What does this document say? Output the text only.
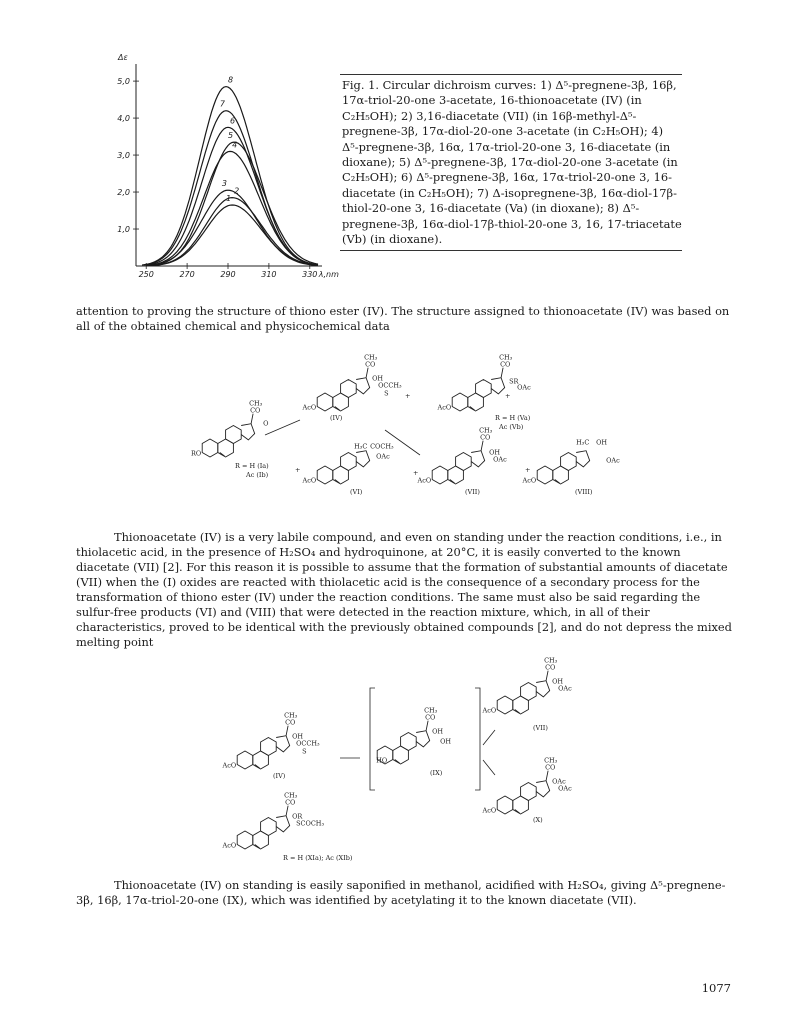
Δε
1,0
2,0
3,0
4,0
5,0
250	270	290	310	330 λ,nm
1
2
3
4
5
6
7
8	Fig. 1. Circular dichroism curves: 1) Δ⁵-pregnene-3β, 16β, 17α-triol-20-one 3-acetate, 16-thionoacetate (IV) (in C₂H₅OH); 2) 3,16-diacetate (VII) (in 16β-methyl-Δ⁵-pregnene-3β, 17α-diol-20-one 3-acetate (in C₂H₅OH); 4) Δ⁵-pregnene-3β, 16α, 17α-triol-20-one 3, 16-diacetate (in dioxane); 5) Δ⁵-pregnene-3β, 17α-diol-20-one 3-acetate (in C₂H₅OH); 6) Δ⁵-pregnene-3β, 16α, 17α-triol-20-one 3, 16-diacetate (in C₂H₅OH); 7) Δ-isopregnene-3β, 16α-diol-17β-thiol-20-one 3, 16-diacetate (Va) (in dioxane); 8) Δ⁵-pregnene-3β, 16α-diol-17β-thiol-20-one 3, 16, 17-triacetate (Vb) (in dioxane).
attention to proving the structure of thiono ester (IV). The structure assigned to thionoacetate (IV) was based on all of the obtained chemical and physicochemical data
CH₃
CO
OH
OCCH₃
S
AcO
(IV)
CH₃
CO
SR
OAc
AcO
R = H (Va)
Ac (Vb)
CH₃
CO
O
RO
R = H (Ia)
Ac (Ib)
H₃C COCH₃
OAc
AcO
(VI)
CH₃
CO
OH
OAc
AcO
(VII)
H₃C OH
OAc
AcO
(VIII)
+	+
+	+	+
Thionoacetate (IV) is a very labile compound, and even on standing under the reaction conditions, i.e., in thiolacetic acid, in the presence of H₂SO₄ and hydroquinone, at 20°C, it is easily converted to the known diacetate (VII) [2]. For this reason it is possible to assume that the formation of substantial amounts of diacetate (VII) when the (I) oxides are reacted with thiolacetic acid is the consequence of a secondary process for the transformation of thiono ester (IV) under the reaction conditions. The same must also be said regarding the sulfur-free products (VI) and (VIII) that were detected in the reaction mixture, which, in all of their characteristics, proved to be identical with the previously obtained compounds [2], and do not depress the mixed melting point
CH₃
CO
OH
OCCH₃
S
AcO
(IV)
CH₃
CO
OH
OH
HO
(IX)
CH₃
CO
OH
OAc
AcO
(VII)
CH₃
CO
OAc
OAc
AcO
(X)
CH₃
CO
OR
SCOCH₃
AcO
R = H (XIa); Ac (XIb)
Thionoacetate (IV) on standing is easily saponified in methanol, acidified with H₂SO₄, giving Δ⁵-pregnene-3β, 16β, 17α-triol-20-one (IX), which was identified by acetylating it to the known diacetate (VII).
1077
